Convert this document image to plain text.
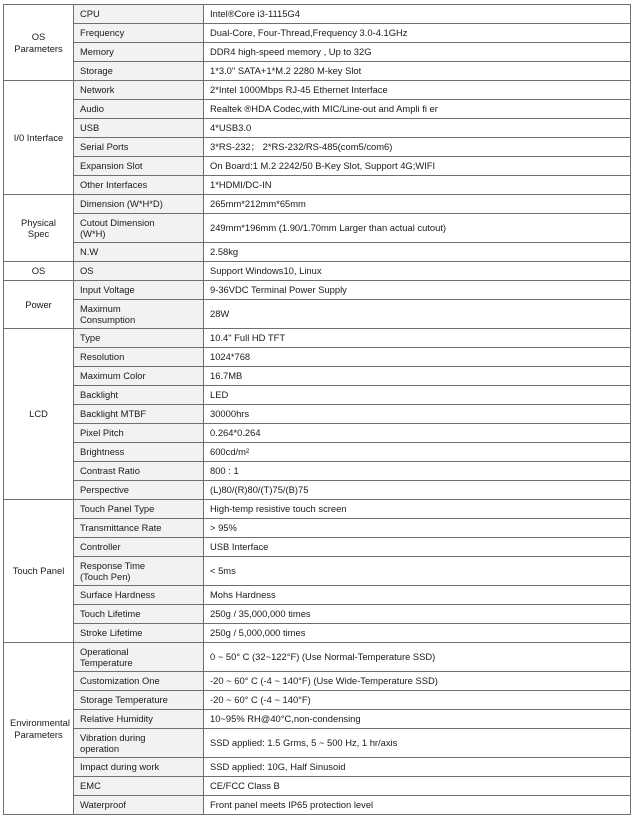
OS
Parameters	CPU	Intel®Core i3-1115G4
	Frequency	Dual-Core, Four-Thread,Frequency 3.0-4.1GHz
	Memory	DDR4 high-speed memory , Up to 32G
	Storage	1*3.0" SATA+1*M.2 2280 M-key Slot
I/0 Interface	Network	2*Intel 1000Mbps RJ-45 Ethernet Interface
	Audio	Realtek ®HDA Codec,with MIC/Line-out and Ampli fi er
	USB	4*USB3.0
	Serial Ports	3*RS-232； 2*RS-232/RS-485(com5/com6)
	Expansion Slot	On Board:1 M.2 2242/50 B-Key Slot, Support 4G;WIFI
	Other Interfaces	1*HDMI/DC-IN
Physical
Spec	Dimension (W*H*D)	265mm*212mm*65mm
	Cutout Dimension
(W*H)	249mm*196mm (1.90/1.70mm Larger than actual cutout)
	N.W	2.58kg
OS	OS	Support Windows10, Linux
Power	Input Voltage	9-36VDC Terminal Power Supply
	Maximum
Consumption	28W
LCD	Type	10.4" Full HD TFT
	Resolution	1024*768
	Maximum Color	16.7MB
	Backlight	LED
	Backlight MTBF	30000hrs
	Pixel Pitch	0.264*0.264
	Brightness	600cd/m²
	Contrast Ratio	800 : 1
	Perspective	(L)80/(R)80/(T)75/(B)75
Touch Panel	Touch Panel Type	High-temp resistive touch screen
	Transmittance Rate	> 95%
	Controller	USB Interface
	Response Time
(Touch Pen)	< 5ms
	Surface Hardness	Mohs Hardness
	Touch Lifetime	250g / 35,000,000 times
	Stroke Lifetime	250g / 5,000,000 times
Environmental
Parameters	Operational
Temperature	0 ~ 50° C (32~122°F) (Use Normal-Temperature SSD)
	Customization One	-20 ~ 60° C (-4 ~ 140°F) (Use Wide-Temperature SSD)
	Storage Temperature	-20 ~ 60° C (-4 ~ 140°F)
	Relative Humidity	10~95% RH@40°C,non-condensing
	Vibration during
operation	SSD applied: 1.5 Grms, 5 ~ 500 Hz, 1 hr/axis
	Impact during work	SSD applied: 10G, Half Sinusoid
	EMC	CE/FCC Class B
	Waterproof	Front panel meets IP65 protection level
